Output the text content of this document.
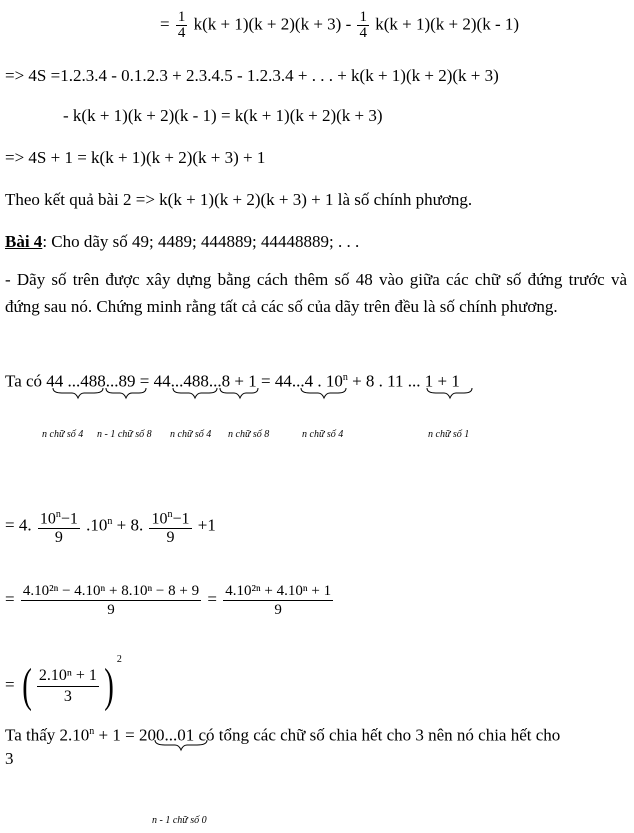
= $\frac{1}{4} k(k + 1)(k + 2)(k + 3) - \frac{1}{4} k(k + 1)(k + 2)(k - 1)$
=> 4S =1.2.3.4 - 0.1.2.3 + 2.3.4.5 - 1.2.3.4 + . . . + k(k + 1)(k + 2)(k + 3)
- k(k + 1)(k + 2)(k - 1) = k(k + 1)(k + 2)(k + 3)
=> 4S + 1 = k(k + 1)(k + 2)(k + 3) + 1
Theo kết quả bài 2 => k(k + 1)(k + 2)(k + 3) + 1 là số chính phương.
Bài 4: Cho dãy số 49; 4489; 444889; 44448889; . . .
- Dãy số trên được xây dựng bằng cách thêm số 48 vào giữa các chữ số đứng trước và đứng sau nó. Chứng minh rằng tất cả các số của dãy trên đều là số chính phương.
Ta có 44 ...488...89 = 44...488...8 + 1 = 44...4 . $10^n + 8$ . 11 ... 1 + 1
n chữ số 4 n - 1 chữ số 8 n chữ số 4 n chữ số 8	n chữ số 4	n chữ số 1
= 4. $\frac{10^n-1}{9} .10^n + 8$. $\frac{10^n-1}{9} +1$
= $\frac{\text{4.10²ⁿ − 4.10ⁿ + 8.10ⁿ − 8 + 9}}{9} = \frac{\text{4.10²ⁿ + 4.10ⁿ + 1}}{9}$
= ( $\frac{\text{2.10ⁿ + 1}}{3}$ ) $^2$
Ta thấy $2.10^n + 1 = 200...01$ có tổng các chữ số chia hết cho 3 nên nó chia hết cho
3
n - 1 chữ số 0
